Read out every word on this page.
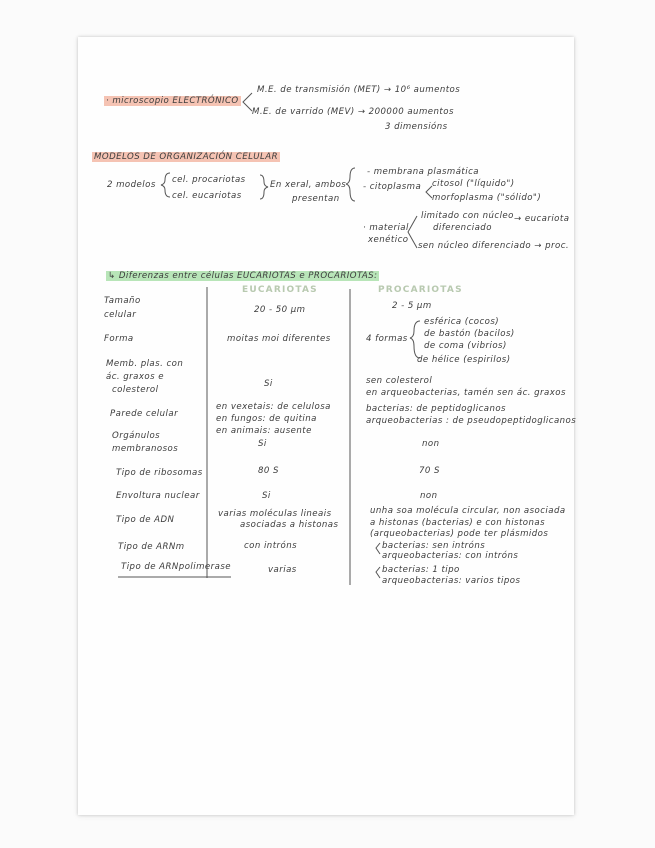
· microscopio ELECTRÓNICO
M.E. de transmisión (MET) → 10⁶ aumentos
M.E. de varrido (MEV) → 200000 aumentos
3 dimensións
MODELOS DE ORGANIZACIÓN CELULAR
2 modelos cel. procariotas
cel. eucariotas
En xeral, ambos
presentan
- membrana plasmática
- citoplasma citosol ("líquido")
morfoplasma ("sólido")
· material
xenético
limitado con núcleo
diferenciado
→ eucariota
sen núcleo diferenciado → proc.
↳ Diferenzas entre células EUCARIOTAS e PROCARIOTAS:
EUCARIOTAS	PROCARIOTAS
Tamaño
celular
Forma
Memb. plas. con
ác. graxos e
colesterol
Parede celular
Orgánulos
membranosos
Tipo de ribosomas
Envoltura nuclear
Tipo de ADN
Tipo de ARNm
Tipo de ARNpolimerase
20 - 50 μm
moitas moi diferentes
Si
en vexetais: de celulosa
en fungos: de quitina
en animais: ausente
Si
80 S
Si
varias moléculas lineais
asociadas a histonas
con intróns
varias
2 - 5 μm
4 formas
esférica (cocos)
de bastón (bacilos)
de coma (vibrios)
de hélice (espirilos)
sen colesterol
en arqueobacterias, tamén sen ác. graxos
bacterias: de peptidoglicanos
arqueobacterias : de pseudopeptidoglicanos
non
70 S
non
unha soa molécula circular, non asociada
a histonas (bacterias) e con histonas
(arqueobacterias) pode ter plásmidos
bacterias: sen intróns
arqueobacterias: con intróns
bacterias: 1 tipo
arqueobacterias: varios tipos
